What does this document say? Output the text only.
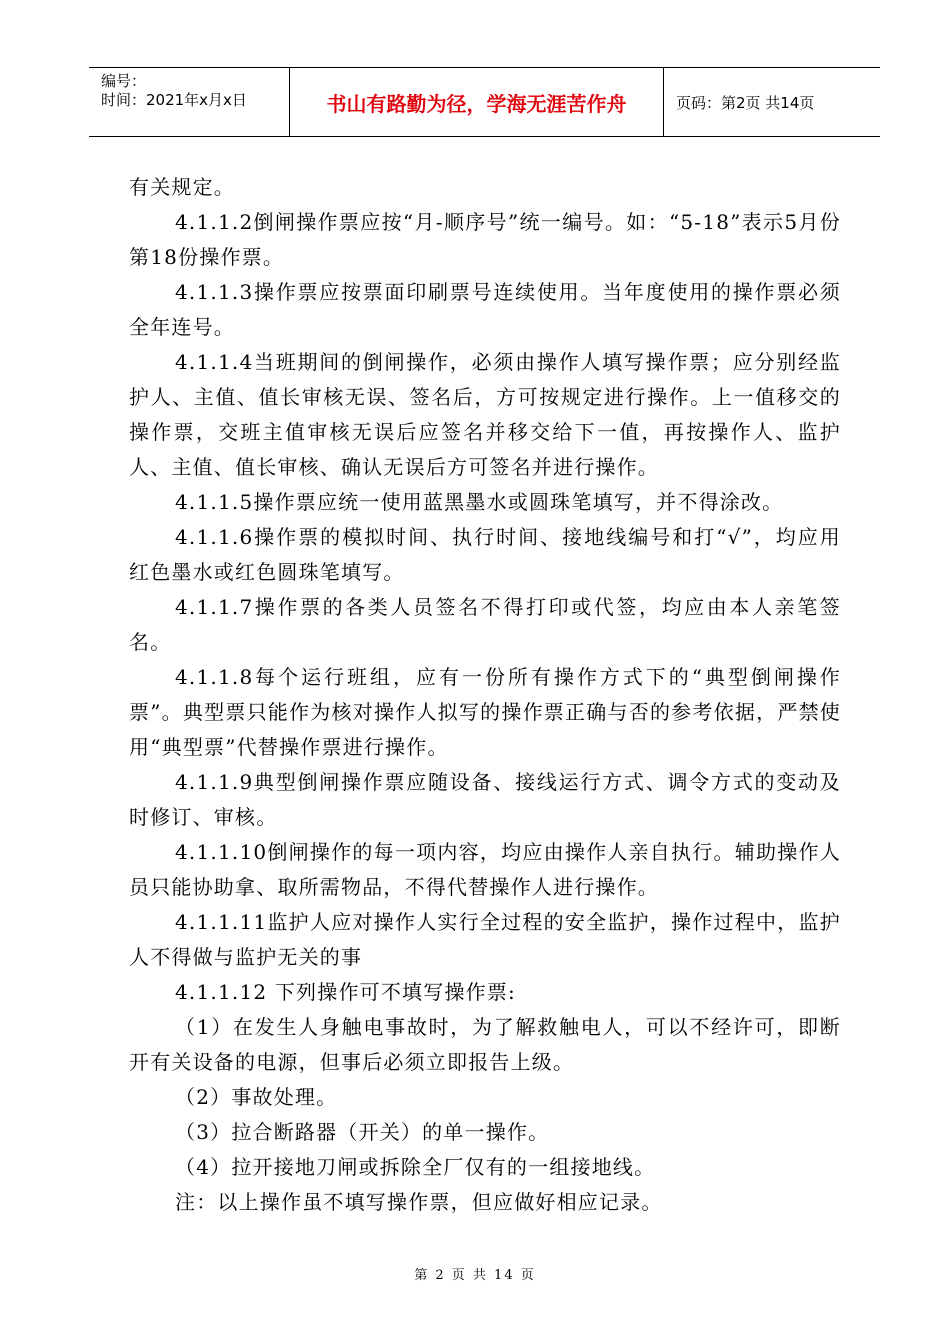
编号：
时间：2021年x月x日	书山有路勤为径，学海无涯苦作舟	页码：第2页 共14页

有关规定。

4.1.1.2倒闸操作票应按“月-顺序号”统一编号。如：“5-18”表示5月份第18份操作票。

4.1.1.3操作票应按票面印刷票号连续使用。当年度使用的操作票必须全年连号。

4.1.1.4当班期间的倒闸操作，必须由操作人填写操作票；应分别经监护人、主值、值长审核无误、签名后，方可按规定进行操作。上一值移交的操作票，交班主值审核无误后应签名并移交给下一值，再按操作人、监护人、主值、值长审核、确认无误后方可签名并进行操作。

4.1.1.5操作票应统一使用蓝黑墨水或圆珠笔填写，并不得涂改。

4.1.1.6操作票的模拟时间、执行时间、接地线编号和打“√”，均应用红色墨水或红色圆珠笔填写。

4.1.1.7操作票的各类人员签名不得打印或代签，均应由本人亲笔签名。

4.1.1.8每个运行班组，应有一份所有操作方式下的“典型倒闸操作票”。典型票只能作为核对操作人拟写的操作票正确与否的参考依据，严禁使用“典型票”代替操作票进行操作。

4.1.1.9典型倒闸操作票应随设备、接线运行方式、调令方式的变动及时修订、审核。

4.1.1.10倒闸操作的每一项内容，均应由操作人亲自执行。辅助操作人员只能协助拿、取所需物品，不得代替操作人进行操作。

4.1.1.11监护人应对操作人实行全过程的安全监护，操作过程中，监护人不得做与监护无关的事

4.1.1.12 下列操作可不填写操作票:

（1）在发生人身触电事故时，为了解救触电人，可以不经许可，即断开有关设备的电源，但事后必须立即报告上级。

（2）事故处理。

（3）拉合断路器（开关）的单一操作。

（4）拉开接地刀闸或拆除全厂仅有的一组接地线。

注：以上操作虽不填写操作票，但应做好相应记录。

第 2 页 共 14 页
